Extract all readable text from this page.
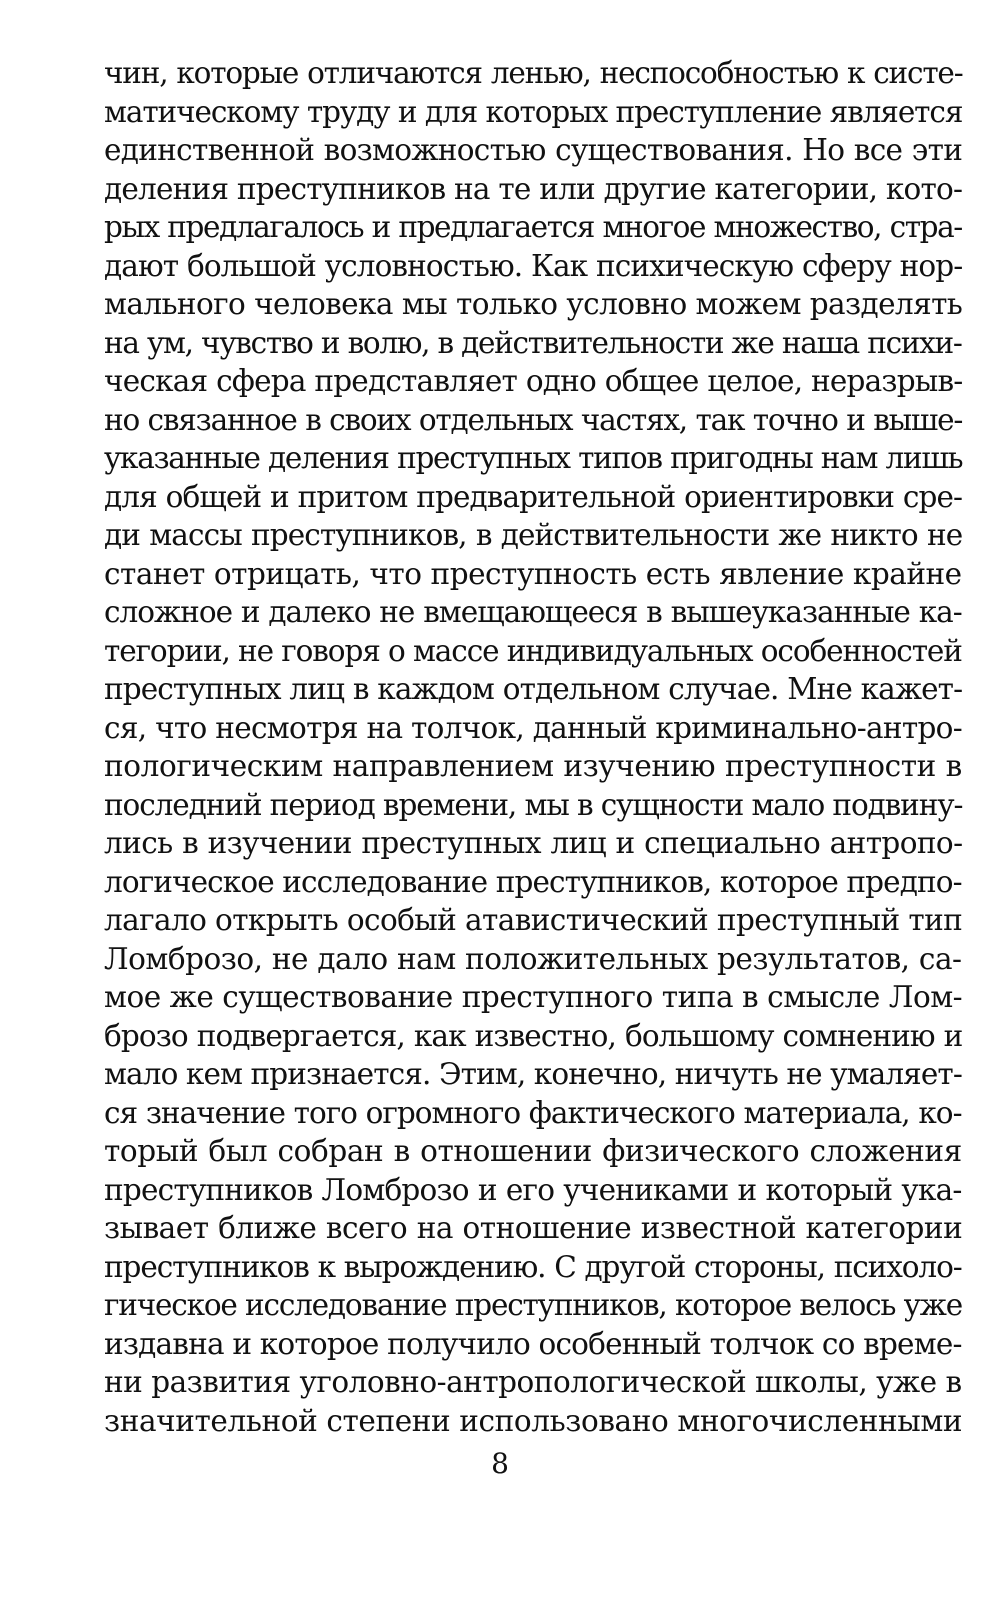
чин, которые отличаются ленью, неспособностью к систе-
матическому труду и для которых преступление является
единственной возможностью существования. Но все эти
деления преступников на те или другие категории, кото-
рых предлагалось и предлагается многое множество, стра-
дают большой условностью. Как психическую сферу нор-
мального человека мы только условно можем разделять
на ум, чувство и волю, в действительности же наша психи-
ческая сфера представляет одно общее целое, неразрыв-
но связанное в своих отдельных частях, так точно и выше-
указанные деления преступных типов пригодны нам лишь
для общей и притом предварительной ориентировки сре-
ди массы преступников, в действительности же никто не
станет отрицать, что преступность есть явление крайне
сложное и далеко не вмещающееся в вышеуказанные ка-
тегории, не говоря о массе индивидуальных особенностей
преступных лиц в каждом отдельном случае. Мне кажет-
ся, что несмотря на толчок, данный криминально-антро-
пологическим направлением изучению преступности в
последний период времени, мы в сущности мало подвину-
лись в изучении преступных лиц и специально антропо-
логическое исследование преступников, которое предпо-
лагало открыть особый атавистический преступный тип
Ломброзо, не дало нам положительных результатов, са-
мое же существование преступного типа в смысле Лом-
брозо подвергается, как известно, большому сомнению и
мало кем признается. Этим, конечно, ничуть не умаляет-
ся значение того огромного фактического материала, ко-
торый был собран в отношении физического сложения
преступников Ломброзо и его учениками и который ука-
зывает ближе всего на отношение известной категории
преступников к вырождению. С другой стороны, психоло-
гическое исследование преступников, которое велось уже
издавна и которое получило особенный толчок со време-
ни развития уголовно-антропологической школы, уже в
значительной степени использовано многочисленными
8
